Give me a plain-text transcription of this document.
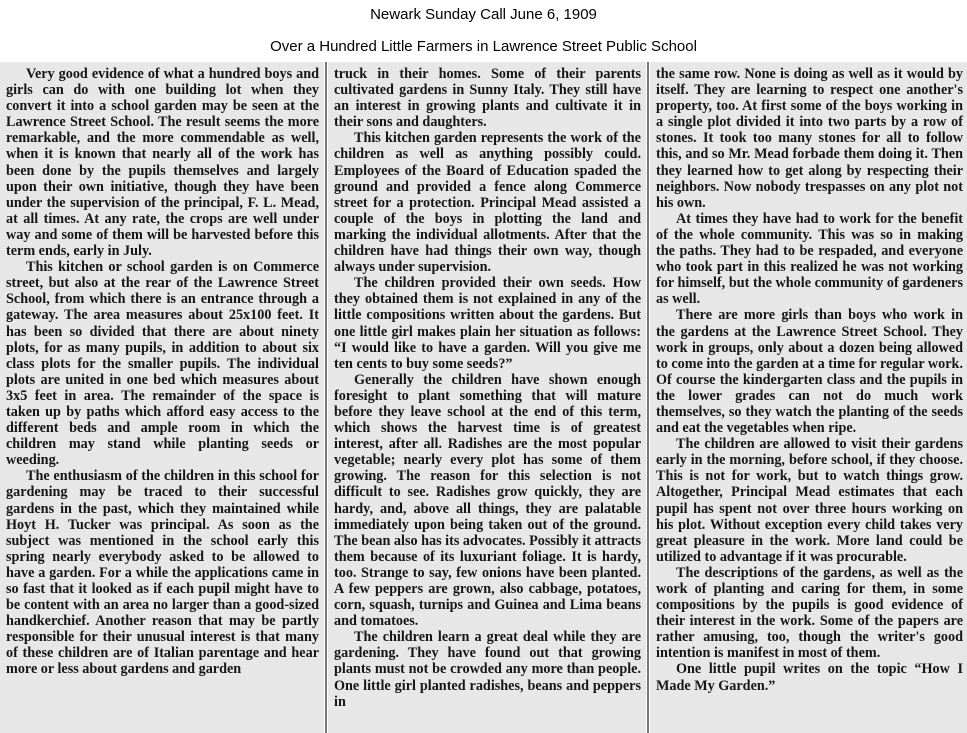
Newark Sunday Call June 6, 1909
Over a Hundred Little Farmers in Lawrence Street Public School

Very good evidence of what a hundred boys and girls can do with one building lot when they convert it into a school garden may be seen at the Lawrence Street School. The result seems the more remarkable, and the more commendable as well, when it is known that nearly all of the work has been done by the pupils themselves and largely upon their own initiative, though they have been under the supervision of the principal, F. L. Mead, at all times. At any rate, the crops are well under way and some of them will be harvested before this term ends, early in July.

This kitchen or school garden is on Commerce street, but also at the rear of the Lawrence Street School, from which there is an entrance through a gateway. The area measures about 25x100 feet. It has been so divided that there are about ninety plots, for as many pupils, in addition to about six class plots for the smaller pupils. The individual plots are united in one bed which measures about 3x5 feet in area. The remainder of the space is taken up by paths which afford easy access to the different beds and ample room in which the children may stand while planting seeds or weeding.

The enthusiasm of the children in this school for gardening may be traced to their successful gardens in the past, which they maintained while Hoyt H. Tucker was principal. As soon as the subject was mentioned in the school early this spring nearly everybody asked to be allowed to have a garden. For a while the applications came in so fast that it looked as if each pupil might have to be content with an area no larger than a good-sized handkerchief. Another reason that may be partly responsible for their unusual interest is that many of these children are of Italian parentage and hear more or less about gardens and garden

truck in their homes. Some of their parents cultivated gardens in Sunny Italy. They still have an interest in growing plants and cultivate it in their sons and daughters.

This kitchen garden represents the work of the children as well as anything possibly could. Employees of the Board of Education spaded the ground and provided a fence along Commerce street for a protection. Principal Mead assisted a couple of the boys in plotting the land and marking the individual allotments. After that the children have had things their own way, though always under supervision.

The children provided their own seeds. How they obtained them is not explained in any of the little compositions written about the gardens. But one little girl makes plain her situation as follows: “I would like to have a garden. Will you give me ten cents to buy some seeds?”

Generally the children have shown enough foresight to plant something that will mature before they leave school at the end of this term, which shows the harvest time is of greatest interest, after all. Radishes are the most popular vegetable; nearly every plot has some of them growing. The reason for this selection is not difficult to see. Radishes grow quickly, they are hardy, and, above all things, they are palatable immediately upon being taken out of the ground. The bean also has its advocates. Possibly it attracts them because of its luxuriant foliage. It is hardy, too. Strange to say, few onions have been planted. A few peppers are grown, also cabbage, potatoes, corn, squash, turnips and Guinea and Lima beans and tomatoes.

The children learn a great deal while they are gardening. They have found out that growing plants must not be crowded any more than people. One little girl planted radishes, beans and peppers in

the same row. None is doing as well as it would by itself. They are learning to respect one another's property, too. At first some of the boys working in a single plot divided it into two parts by a row of stones. It took too many stones for all to follow this, and so Mr. Mead forbade them doing it. Then they learned how to get along by respecting their neighbors. Now nobody trespasses on any plot not his own.

At times they have had to work for the benefit of the whole community. This was so in making the paths. They had to be respaded, and everyone who took part in this realized he was not working for himself, but the whole community of gardeners as well.

There are more girls than boys who work in the gardens at the Lawrence Street School. They work in groups, only about a dozen being allowed to come into the garden at a time for regular work. Of course the kindergarten class and the pupils in the lower grades can not do much work themselves, so they watch the planting of the seeds and eat the vegetables when ripe.

The children are allowed to visit their gardens early in the morning, before school, if they choose. This is not for work, but to watch things grow. Altogether, Principal Mead estimates that each pupil has spent not over three hours working on his plot. Without exception every child takes very great pleasure in the work. More land could be utilized to advantage if it was procurable.

The descriptions of the gardens, as well as the work of planting and caring for them, in some compositions by the pupils is good evidence of their interest in the work. Some of the papers are rather amusing, too, though the writer's good intention is manifest in most of them.

One little pupil writes on the topic “How I Made My Garden.”
